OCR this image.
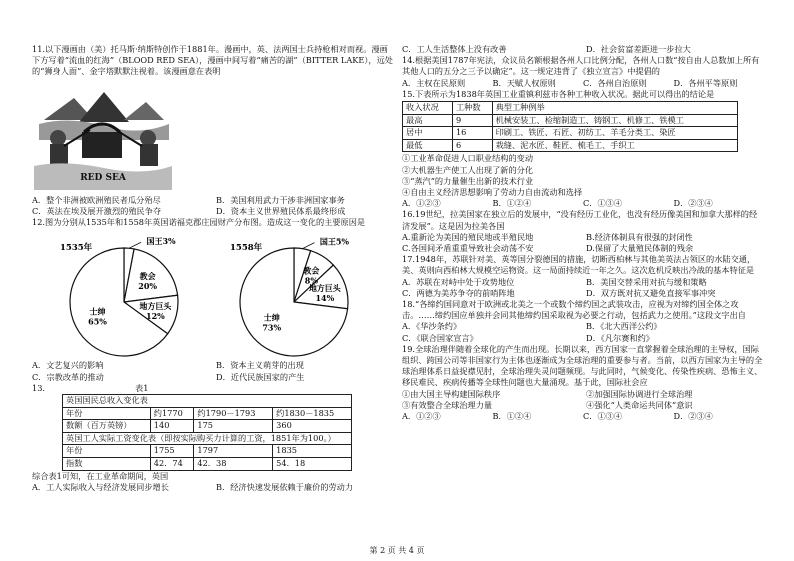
11.以下漫画由（美）托马斯·纳斯特创作于1881年。漫画中，英、法两国士兵持枪相对而视。漫画下方写着“流血的红海”（BLOOD RED SEA），漫画中间写着“痛苦的湖”（BITTER LAKE），远处的“狮身人面”、金字塔默默注视着。该漫画意在表明

RED SEA
A．整个非洲被欧洲殖民者瓜分殆尽	B．美国利用武力干涉非洲国家事务
C．英法在埃及展开激烈的殖民争夺	D．资本主义世界殖民体系最终形成

12.图为分别从1535年和1558年英国诺福克郡庄园财产分布图。造成这一变化的主要原因是

1535年
国王3%
教会 20%
地方巨头 12%
士绅 65%
1558年
国王5%
教会 8%
地方巨头 14%
士绅 73%
A．文艺复兴的影响	B．资本主义萌芽的出现
C．宗教改革的推动	D．近代民族国家的产生
13.	表1
英国国民总收入变化表			
年份	约1770	约1790－1793	约1830－1835
数额（百万英镑）	140	175	360
英国工人实际工资变化表（即按实际购买力计算的工资，1851年为100。）			
年份	1755	1797	1835
指数	42．74	42．38	54．18

综合表1可知，在工业革命期间，英国

A．工人实际收入与经济发展同步增长	B．经济快速发展依赖于廉价的劳动力
C．工人生活整体上没有改善	D．社会贫富差距进一步拉大

14.根据美国1787年宪法，众议员名额根据各州人口比例分配，各州人口数“按自由人总数加上所有其他人口的五分之三予以确定”。这一规定违背了《独立宣言》中提倡的

A．主权在民原则	B．天赋人权原则	C．各州自治原则	D．各州平等原则

15.下表所示为1838年英国工业重镇利兹市各种工种收入状况。据此可以得出的结论是

收入状况	工种数	典型工种例举
最高	9	机械安装工、检缩制造工、铸钢工、机修工、铁模工
居中	16	印刷工、铁匠、石匠、初纺工、羊毛分类工、染匠
最低	6	栽缝、泥水匠、鞋匠、梳毛工、手织工

①工业革命促进人口职业结构的变动

②大机器生产使工人出现了新的分化

③“蒸汽”的力量催生出新的技术行业

④自由主义经济思想影响了劳动力自由流动和选择

A．①②③	B．①②④	C．①③④	D．②③④

16.19世纪，拉美国家在独立后的发展中，“没有经历工业化，也没有经历像美国和加拿大那样的经济发展”。这是因为拉美各国

A.重新沦为美国的殖民地或半殖民地	B.经济体制具有很强的封闭性
C.各国间矛盾重重导致社会动荡不安	D.保留了大量殖民体制的残余

17.1948年，苏联针对美、英等国分裂德国的措施，切断西柏林与其他美英法占领区的水陆交通，美、英则向西柏林大规模空运物资。这一局面持续近一年之久。这次危机反映出冷战的基本特征是

A．苏联在对峙中处于攻势地位	B．美国交替采用对抗与缓和策略
C．两德为美苏争夺的前哨阵地	D．双方既对抗又避免直接军事冲突

18.“各缔约国同意对于欧洲或北美之一个或数个缔约国之武装攻击，应视为对缔约国全体之攻击。……缔约国应单独并会同其他缔约国采取视为必要之行动，包括武力之使用。”这段文字出自

A．《华沙条约》	B．《北大西洋公约》
C．《联合国家宣言》	D．《凡尔赛和约》

19.全球治理伴随着全球化的产生而出现。长期以来，西方国家一直掌握着全球治理的主导权，国际组织、跨国公司等非国家行为主体也逐渐成为全球治理的重要参与者。当前，以西方国家为主导的全球治理体系日益捉襟见肘，全球治理失灵问题频现。与此同时，气候变化、传染性疾病、恐怖主义、移民难民、疾病传播等全球性问题也大量涌现。基于此，国际社会应

①由大国主导构建国际秩序	②加强国际协调进行全球治理
③有效整合全球治理力量	④强化“人类命运共同体”意识
A．①②③	B．①②④	C．①③④	D．②③④
第 2 页 共 4 页
